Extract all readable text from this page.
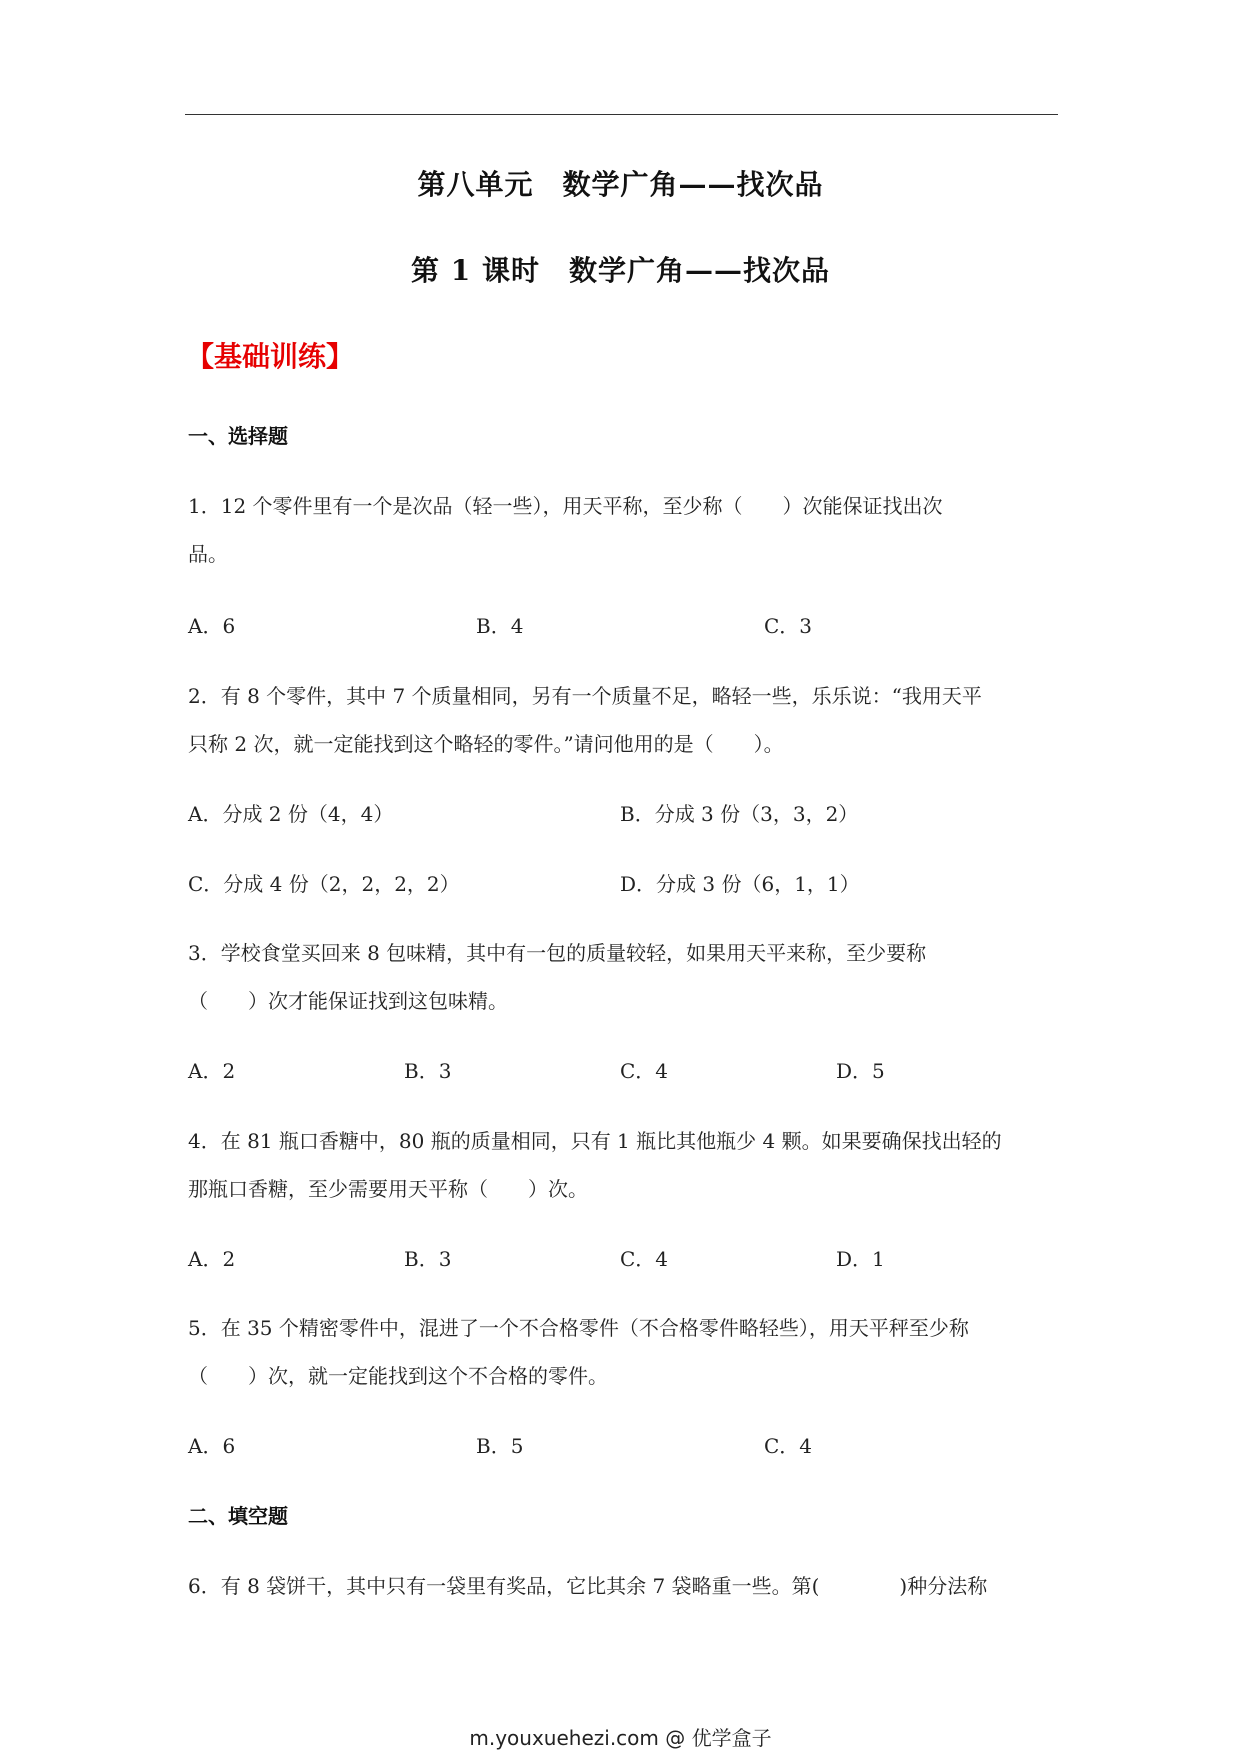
第八单元　数学广角——找次品
第 1 课时　数学广角——找次品
【基础训练】
一、选择题
1．12 个零件里有一个是次品（轻一些），用天平称，至少称（　　）次能保证找出次
品。
A．6	B．4	C．3
2．有 8 个零件，其中 7 个质量相同，另有一个质量不足，略轻一些，乐乐说：“我用天平
只称 2 次，就一定能找到这个略轻的零件。”请问他用的是（　　）。
A．分成 2 份（4，4）	B．分成 3 份（3，3，2）
C．分成 4 份（2，2，2，2）	D．分成 3 份（6，1，1）
3．学校食堂买回来 8 包味精，其中有一包的质量较轻，如果用天平来称，至少要称
（　　）次才能保证找到这包味精。
A．2	B．3	C．4	D．5
4．在 81 瓶口香糖中，80 瓶的质量相同，只有 1 瓶比其他瓶少 4 颗。如果要确保找出轻的
那瓶口香糖，至少需要用天平称（　　）次。
A．2	B．3	C．4	D．1
5．在 35 个精密零件中，混进了一个不合格零件（不合格零件略轻些），用天平秤至少称
（　　）次，就一定能找到这个不合格的零件。
A．6	B．5	C．4
二、填空题
6．有 8 袋饼干，其中只有一袋里有奖品，它比其余 7 袋略重一些。第(　　　　)种分法称
m.youxuehezi.com @ 优学盒子
